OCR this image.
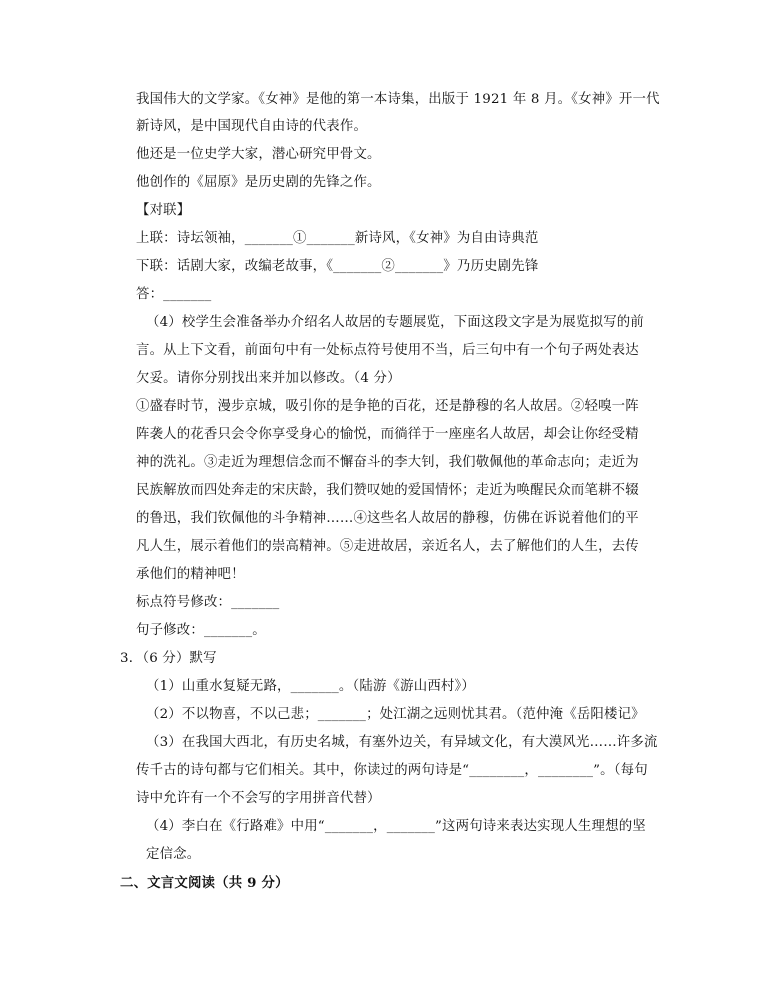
我国伟大的文学家。《女神》是他的第一本诗集，出版于 1921 年 8 月。《女神》开一代
新诗风，是中国现代自由诗的代表作。
他还是一位史学大家，潜心研究甲骨文。
他创作的《屈原》是历史剧的先锋之作。
【对联】
上联：诗坛领袖，_______①_______新诗风，《女神》为自由诗典范
下联：话剧大家，改编老故事，《_______②_______》乃历史剧先锋
答：_______
（4）校学生会准备举办介绍名人故居的专题展览，下面这段文字是为展览拟写的前
言。从上下文看，前面句中有一处标点符号使用不当，后三句中有一个句子两处表达
欠妥。请你分别找出来并加以修改。（4 分）
①盛春时节，漫步京城，吸引你的是争艳的百花，还是静穆的名人故居。②轻嗅一阵
阵袭人的花香只会令你享受身心的愉悦，而徜徉于一座座名人故居，却会让你经受精
神的洗礼。③走近为理想信念而不懈奋斗的李大钊，我们敬佩他的革命志向；走近为
民族解放而四处奔走的宋庆龄，我们赞叹她的爱国情怀；走近为唤醒民众而笔耕不辍
的鲁迅，我们钦佩他的斗争精神……④这些名人故居的静穆，仿佛在诉说着他们的平
凡人生，展示着他们的崇高精神。⑤走进故居，亲近名人，去了解他们的人生，去传
承他们的精神吧！
标点符号修改：_______
句子修改：_______。
3．（6 分）默写
（1）山重水复疑无路，_______。（陆游《游山西村》）
（2）不以物喜，不以己悲；_______；处江湖之远则忧其君。（范仲淹《岳阳楼记》
（3）在我国大西北，有历史名城，有塞外边关，有异域文化，有大漠风光……许多流
传千古的诗句都与它们相关。其中，你读过的两句诗是“________，________”。（每句
诗中允许有一个不会写的字用拼音代替）
（4）李白在《行路难》中用“_______，_______”这两句诗来表达实现人生理想的坚
定信念。
二、文言文阅读（共 9 分）
